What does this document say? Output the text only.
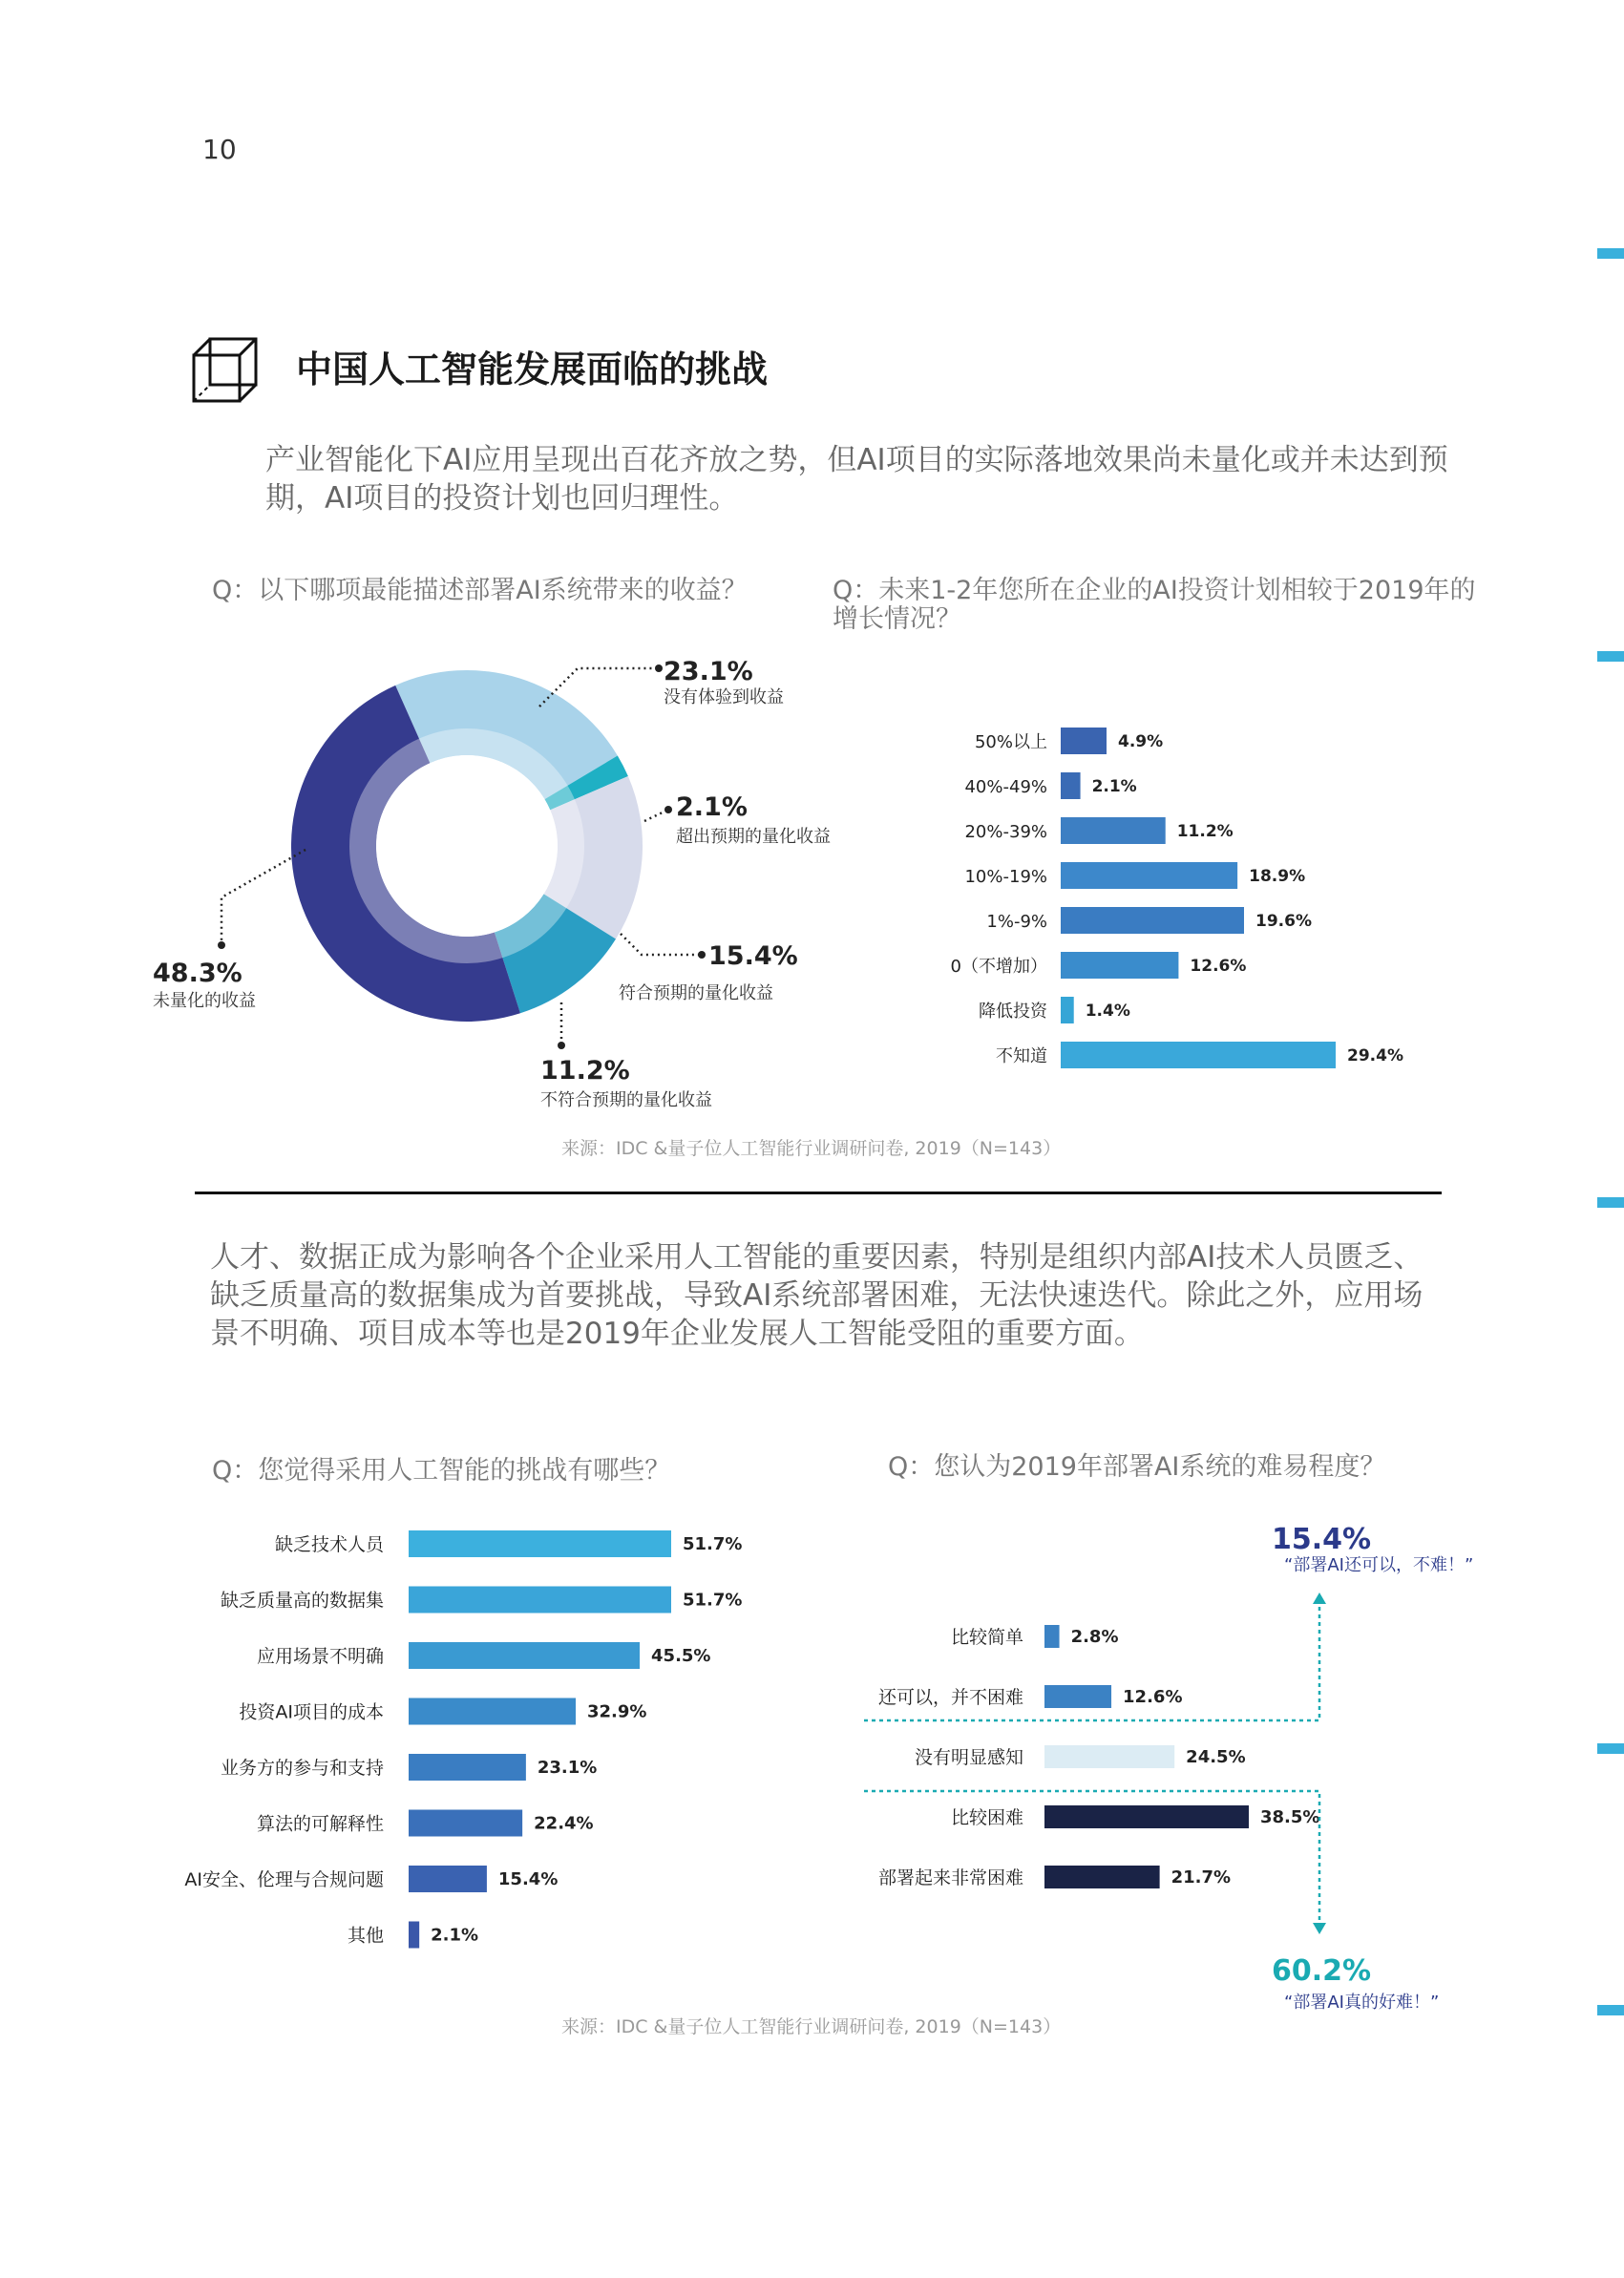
10
中国人工智能发展面临的挑战
产业智能化下AI应用呈现出百花齐放之势，但AI项目的实际落地效果尚未量化或并未达到预期，AI项目的投资计划也回归理性。
Q：以下哪项最能描述部署AI系统带来的收益？	Q：未来1-2年您所在企业的AI投资计划相较于2019年的增长情况？
23.1%
没有体验到收益
2.1%
超出预期的量化收益
15.4%
符合预期的量化收益
11.2%
不符合预期的量化收益
48.3%
未量化的收益
50%以上	4.9%
40%-49%	2.1%
20%-39%	11.2%
10%-19%	18.9%
1%-9%	19.6%
0（不增加）	12.6%
降低投资 1.4%
不知道	29.4%
来源：IDC &量子位人工智能行业调研问卷, 2019（N=143）
人才、数据正成为影响各个企业采用人工智能的重要因素，特别是组织内部AI技术人员匮乏、缺乏质量高的数据集成为首要挑战，导致AI系统部署困难，无法快速迭代。除此之外，应用场景不明确、项目成本等也是2019年企业发展人工智能受阻的重要方面。
Q：您觉得采用人工智能的挑战有哪些？	Q：您认为2019年部署AI系统的难易程度？
缺乏技术人员	51.7%
缺乏质量高的数据集	51.7%
应用场景不明确	45.5%
投资AI项目的成本	32.9%
业务方的参与和支持	23.1%
算法的可解释性	22.4%
AI安全、伦理与合规问题	15.4%
其他	2.1%
比较简单	2.8%
还可以，并不困难	12.6%
没有明显感知	24.5%
比较困难	38.5%
部署起来非常困难	21.7%
15.4%
“部署AI还可以，不难！”
60.2%
“部署AI真的好难！”
来源：IDC &量子位人工智能行业调研问卷, 2019（N=143）
